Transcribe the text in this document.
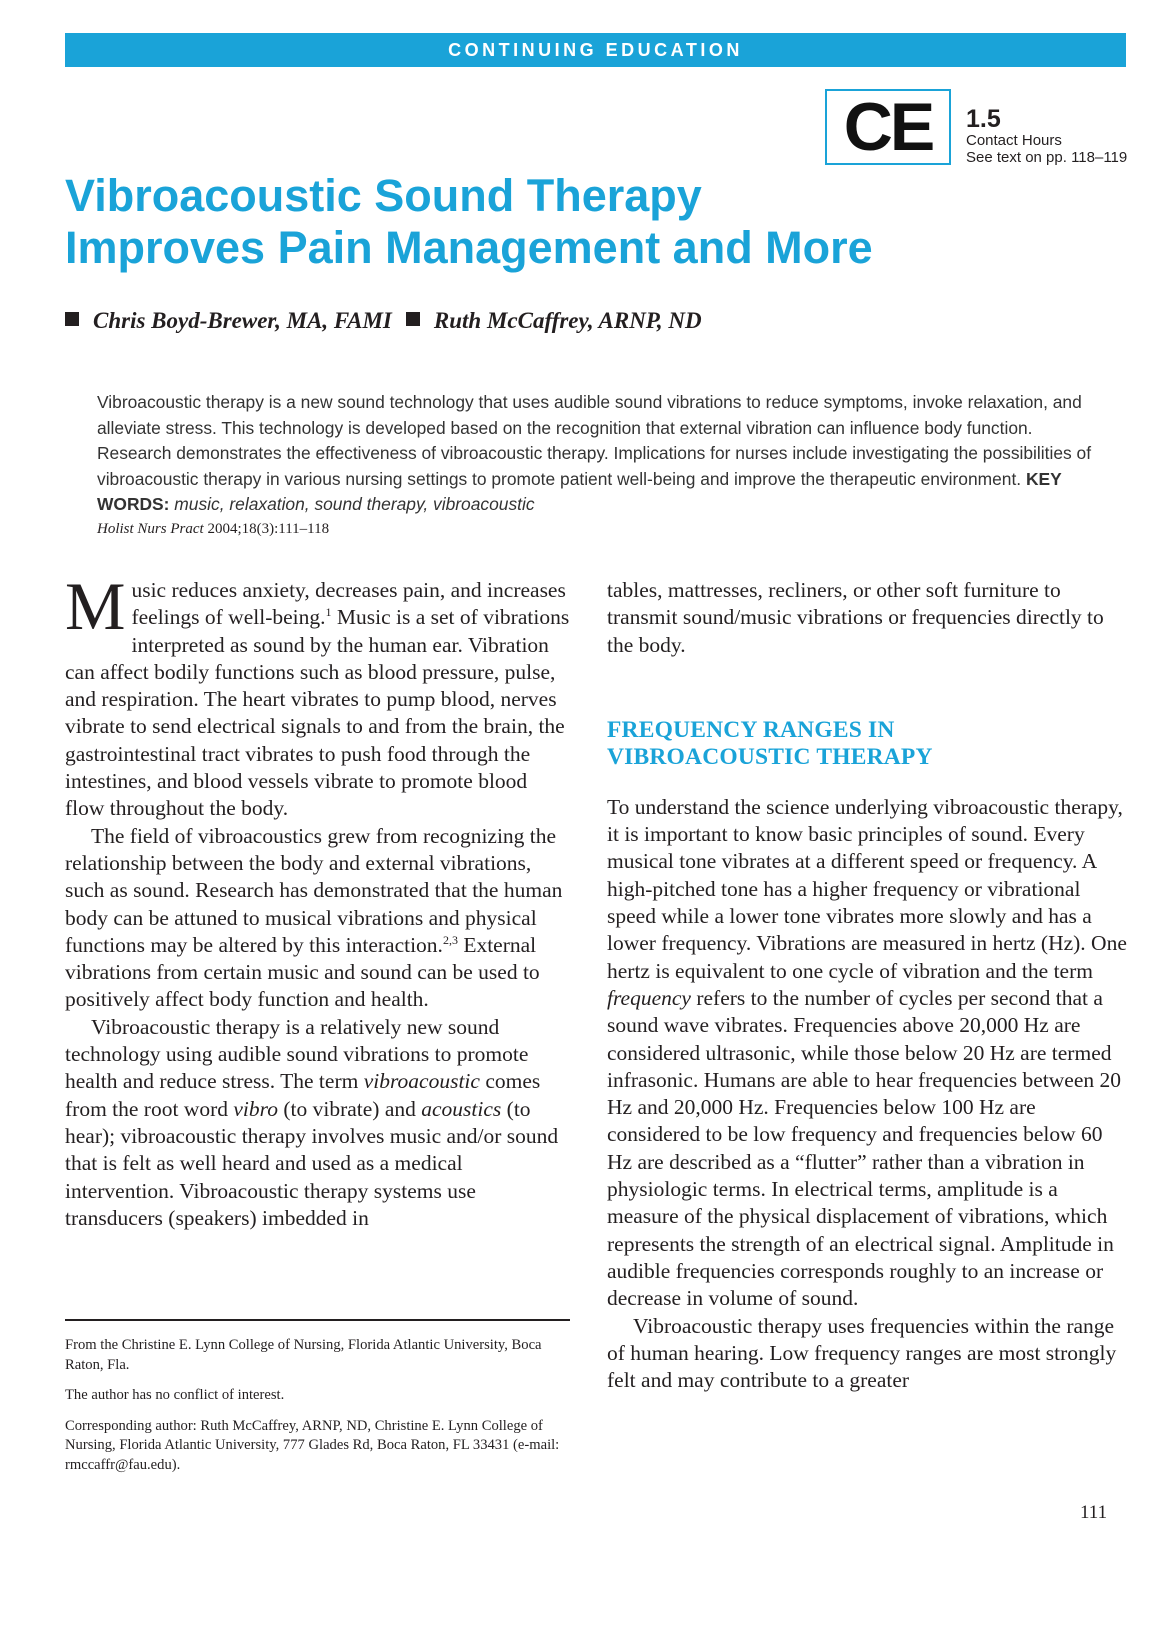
CONTINUING EDUCATION
CE	1.5
Contact Hours
See text on pp. 118–119
Vibroacoustic Sound Therapy
Improves Pain Management and More
Chris Boyd-Brewer, MA, FAMI Ruth McCaffrey, ARNP, ND
Vibroacoustic therapy is a new sound technology that uses audible sound vibrations to reduce symptoms, invoke relaxation, and alleviate stress. This technology is developed based on the recognition that external vibration can influence body function. Research demonstrates the effectiveness of vibroacoustic therapy. Implications for nurses include investigating the possibilities of vibroacoustic therapy in various nursing settings to promote patient well-being and improve the therapeutic environment. KEY WORDS: music, relaxation, sound therapy, vibroacoustic
Holist Nurs Pract 2004;18(3):111–118

Music reduces anxiety, decreases pain, and increases feelings of well-being.$^1$ Music is a set of vibrations interpreted as sound by the human ear. Vibration can affect bodily functions such as blood pressure, pulse, and respiration. The heart vibrates to pump blood, nerves vibrate to send electrical signals to and from the brain, the gastrointestinal tract vibrates to push food through the intestines, and blood vessels vibrate to promote blood flow throughout the body.

The field of vibroacoustics grew from recognizing the relationship between the body and external vibrations, such as sound. Research has demonstrated that the human body can be attuned to musical vibrations and physical functions may be altered by this interaction.$^{2,3}$ External vibrations from certain music and sound can be used to positively affect body function and health.

Vibroacoustic therapy is a relatively new sound technology using audible sound vibrations to promote health and reduce stress. The term vibroacoustic comes from the root word vibro (to vibrate) and acoustics (to hear); vibroacoustic therapy involves music and/or sound that is felt as well heard and used as a medical intervention. Vibroacoustic therapy systems use transducers (speakers) imbedded in

From the Christine E. Lynn College of Nursing, Florida Atlantic University, Boca Raton, Fla.

The author has no conflict of interest.

Corresponding author: Ruth McCaffrey, ARNP, ND, Christine E. Lynn College of Nursing, Florida Atlantic University, 777 Glades Rd, Boca Raton, FL 33431 (e-mail: rmccaffr@fau.edu).

tables, mattresses, recliners, or other soft furniture to transmit sound/music vibrations or frequencies directly to the body.

FREQUENCY RANGES IN
VIBROACOUSTIC THERAPY

To understand the science underlying vibroacoustic therapy, it is important to know basic principles of sound. Every musical tone vibrates at a different speed or frequency. A high-pitched tone has a higher frequency or vibrational speed while a lower tone vibrates more slowly and has a lower frequency. Vibrations are measured in hertz (Hz). One hertz is equivalent to one cycle of vibration and the term frequency refers to the number of cycles per second that a sound wave vibrates. Frequencies above 20,000 Hz are considered ultrasonic, while those below 20 Hz are termed infrasonic. Humans are able to hear frequencies between 20 Hz and 20,000 Hz. Frequencies below 100 Hz are considered to be low frequency and frequencies below 60 Hz are described as a “flutter” rather than a vibration in physiologic terms. In electrical terms, amplitude is a measure of the physical displacement of vibrations, which represents the strength of an electrical signal. Amplitude in audible frequencies corresponds roughly to an increase or decrease in volume of sound.

Vibroacoustic therapy uses frequencies within the range of human hearing. Low frequency ranges are most strongly felt and may contribute to a greater

111
